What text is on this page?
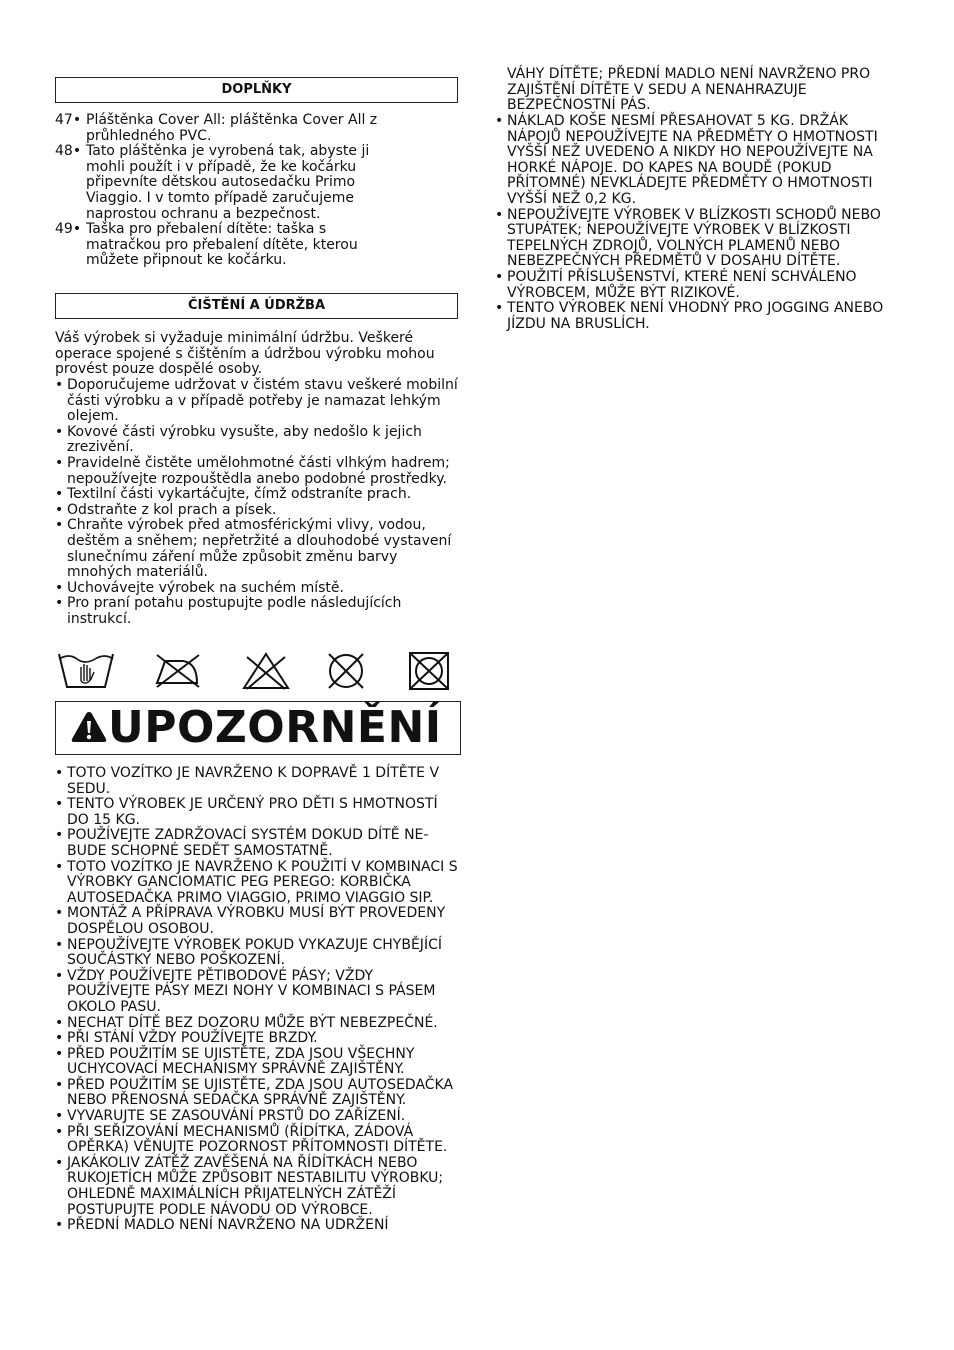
DOPLŇKY
47• Pláštěnka Cover All: pláštěnka Cover All z průhledného PVC.
48• Tato pláštěnka je vyrobená tak, abyste ji mohli použít i v případě, že ke kočárku připevníte dětskou autosedačku Primo Viaggio. I v tomto případě zaručujeme naprostou ochranu a bezpečnost.
49• Taška pro přebalení dítěte: taška s matračkou pro přebalení dítěte, kterou můžete připnout ke kočárku.
ČIŠTĚNÍ A ÚDRŽBA
Váš výrobek si vyžaduje minimální údržbu. Veškeré operace spojené s čištěním a údržbou výrobku mohou provést pouze dospělé osoby.
• Doporučujeme udržovat v čistém stavu veškeré mobilní části výrobku a v případě potřeby je namazat lehkým olejem.
• Kovové části výrobku vysušte, aby nedošlo k jejich zrezivění.
• Pravidelně čistěte umělohmotné části vlhkým hadrem; nepoužívejte rozpouštědla anebo podobné prostředky.
• Textilní části vykartáčujte, čímž odstraníte prach.
• Odstraňte z kol prach a písek.
• Chraňte výrobek před atmosférickými vlivy, vodou, deštěm a sněhem; nepřetržité a dlouhodobé vystavení slunečnímu záření může způsobit změnu barvy mnohých materiálů.
• Uchovávejte výrobek na suchém místě.
• Pro praní potahu postupujte podle následujících instrukcí.
UPOZORNĚNÍ
• TOTO VOZÍTKO JE NAVRŽENO K DOPRAVĚ 1 DÍTĚTE V SEDU.
• TENTO VÝROBEK JE URČENÝ PRO DĚTI S HMOTNOSTÍ DO 15 KG.
• POUŽÍVEJTE ZADRŽOVACÍ SYSTÉM DOKUD DÍTĚ NE-BUDE SCHOPNÉ SEDĚT SAMOSTATNĚ.
• TOTO VOZÍTKO JE NAVRŽENO K POUŽITÍ V KOMBINACI S VÝROBKY GANCIOMATIC PEG PEREGO: KORBIČKA AUTOSEDAČKA PRIMO VIAGGIO, PRIMO VIAGGIO SIP.
• MONTÁŽ A PŘÍPRAVA VÝROBKU MUSÍ BÝT PROVEDENY DOSPĚLOU OSOBOU.
• NEPOUŽÍVEJTE VÝROBEK POKUD VYKAZUJE CHYBĚJÍCÍ SOUČÁSTKY NEBO POŠKOZENÍ.
• VŽDY POUŽÍVEJTE PĚTIBODOVÉ PÁSY; VŽDY POUŽÍVEJTE PÁSY MEZI NOHY V KOMBINACI S PÁSEM OKOLO PASU.
• NECHAT DÍTĚ BEZ DOZORU MŮŽE BÝT NEBEZPEČNÉ.
• PŘI STÁNÍ VŽDY POUŽÍVEJTE BRZDY.
• PŘED POUŽITÍM SE UJISTĚTE, ZDA JSOU VŠECHNY UCHYCOVACÍ MECHANISMY SPRÁVNĚ ZAJIŠTĚNY.
• PŘED POUŽITÍM SE UJISTĚTE, ZDA JSOU AUTOSEDAČKA NEBO PŘENOSNÁ SEDAČKA SPRÁVNĚ ZAJIŠTĚNY.
• VYVARUJTE SE ZASOUVÁNÍ PRSTŮ DO ZAŘÍZENÍ.
• PŘI SEŘIZOVÁNÍ MECHANISMŮ (ŘÍDÍTKA, ZÁDOVÁ OPĚRKA) VĚNUJTE POZORNOST PŘÍTOMNOSTI DÍTĚTE.
• JAKÁKOLIV ZÁTĚŽ ZAVĚŠENÁ NA ŘÍDÍTKÁCH NEBO RUKOJETÍCH MŮŽE ZPŮSOBIT NESTABILITU VÝROBKU; OHLEDNĚ MAXIMÁLNÍCH PŘIJATELNÝCH ZÁTĚŽÍ POSTUPUJTE PODLE NÁVODU OD VÝROBCE.
• PŘEDNÍ MADLO NENÍ NAVRŽENO NA UDRŽENÍ
VÁHY DÍTĚTE; PŘEDNÍ MADLO NENÍ NAVRŽENO PRO ZAJIŠTĚNÍ DÍTĚTE V SEDU A NENAHRAZUJE BEZPEČNOSTNÍ PÁS.
• NÁKLAD KOŠE NESMÍ PŘESAHOVAT 5 KG. DRŽÁK NÁPOJŮ NEPOUŽÍVEJTE NA PŘEDMĚTY O HMOTNOSTI VYŠŠÍ NEŽ UVEDENO A NIKDY HO NEPOUŽÍVEJTE NA HORKÉ NÁPOJE. DO KAPES NA BOUDĚ (POKUD PŘÍTOMNÉ) NEVKLÁDEJTE PŘEDMĚTY O HMOTNOSTI VYŠŠÍ NEŽ 0,2 KG.
• NEPOUŽÍVEJTE VÝROBEK V BLÍZKOSTI SCHODŮ NEBO STUPÁTEK; NEPOUŽÍVEJTE VÝROBEK V BLÍZKOSTI TEPELNÝCH ZDROJŮ, VOLNÝCH PLAMENŮ NEBO NEBEZPEČNÝCH PŘEDMĚTŮ V DOSAHU DÍTĚTE.
• POUŽITÍ PŘÍSLUŠENSTVÍ, KTERÉ NENÍ SCHVÁLENO VÝROBCEM, MŮŽE BÝT RIZIKOVÉ.
• TENTO VÝROBEK NENÍ VHODNÝ PRO JOGGING ANEBO JÍZDU NA BRUSLÍCH.
